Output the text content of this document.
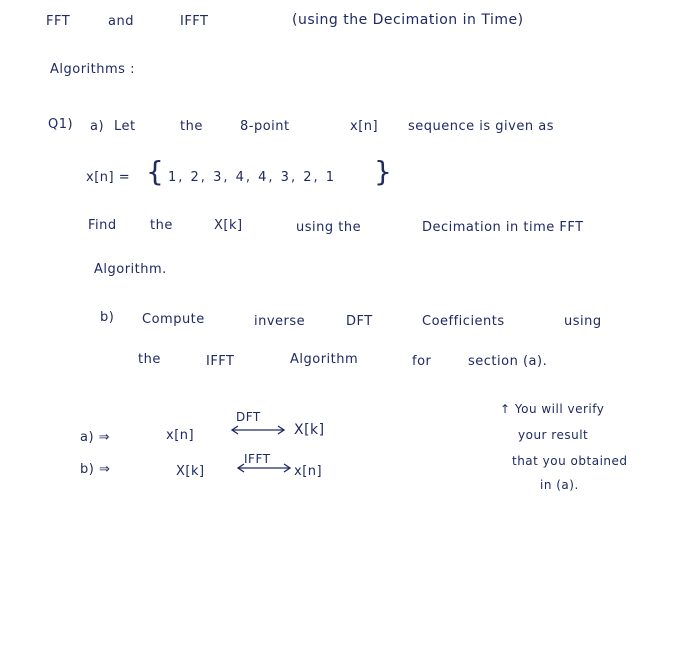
FFT	and	IFFT	(using the Decimation in Time)
Algorithms :
Q1) a) Let	the	8-point	x[n] sequence is given as
x[n] = { 1, 2, 3, 4, 4, 3, 2, 1 }
Find	the	X[k]	using the	Decimation in time FFT
Algorithm.
b) Compute	inverse	DFT	Coefficients	using
the	IFFT	Algorithm	for	section (a).
a) ⇒	x[n]
DFT
X[k]
b) ⇒	X[k]
IFFT
x[n]
↑ You will verify
your result
that you obtained
in (a).
